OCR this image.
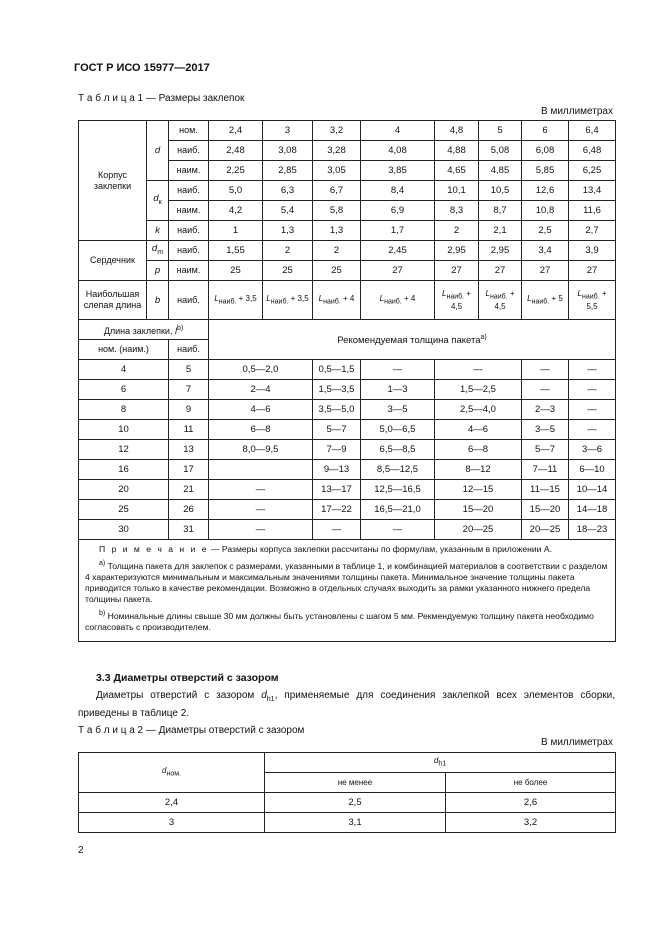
ГОСТ Р ИСО 15977—2017
Т а б л и ц а 1 — Размеры заклепок
В миллиметрах
Корпус заклепки	d	ном.	2,4	3	3,2	4	4,8	5	6	6,4
		наиб.	2,48	3,08	3,28	4,08	4,88	5,08	6,08	6,48
		наим.	2,25	2,85	3,05	3,85	4,65	4,85	5,85	6,25
	$d_к$	наиб.	5,0	6,3	6,7	8,4	10,1	10,5	12,6	13,4
		наим.	4,2	5,4	5,8	6,9	8,3	8,7	10,8	11,6
	k	наиб.	1	1,3	1,3	1,7	2	2,1	2,5	2,7
Сердечник	$d_m$	наиб.	1,55	2	2	2,45	2,95	2,95	3,4	3,9
	p	наим.	25	25	25	27	27	27	27	27
Наибольшая слепая длина	b	наиб.	$L_{наиб.} + 3,5$	$L_{наиб.} + 3,5$	$L_{наиб.} + 4$	$L_{наиб.} + 4$	$L_{наиб.} + 4,5$	$L_{наиб.} + 4,5$	$L_{наиб.} + 5$	$L_{наиб.} + 5,5$
Длина заклепки, $l^{b)}$			Рекомендуемая толщина пакета$^{а)}$
ном. (наим.)		наиб.								
4		5	0,5—2,0		0,5—1,5	—	—		—	—
6		7	2—4		1,5—3,5	1—3	1,5—2,5		—	—
8		9	4—6		3,5—5,0	3—5	2,5—4,0		2—3	—
10		11	6—8		5—7	5,0—6,5	4—6		3—5	—
12		13	8,0—9,5		7—9	6,5—8,5	6—8		5—7	3—6
16		17			9—13	8,5—12,5	8—12		7—11	6—10
20		21	—		13—17	12,5—16,5	12—15		11—15	10—14
25		26	—		17—22	16,5—21,0	15—20		15—20	14—18
30		31	—		—	—	20—25		20—25	18—23

П р и м е ч а н и е — Размеры корпуса заклепки рассчитаны по формулам, указанным в приложении А.

$^{а)}$ Толщина пакета для заклепок с размерами, указанными в таблице 1, и комбинацией материалов в соответствии с разделом 4 характеризуются минимальным и максимальным значениями толщины пакета. Минимальное значение толщины пакета приводится только в качестве рекомендации. Возможно в отдельных случаях выходить за рамки указанного нижнего предела толщины пакета.

$^{b)}$ Номинальные длины свыше 30 мм должны быть установлены с шагом 5 мм. Рекмендуемую толщину пакета необходимо согласовать с производителем.										

3.3 Диаметры отверстий с зазором
Диаметры отверстий с зазором $d_{h1}$, применяемые для соединения заклепкой всех элементов сборки, приведены в таблице 2.
Т а б л и ц а 2 — Диаметры отверстий с зазором
В миллиметрах
$d_{ном.}$	$d_{h1}$
	не менее	не более
2,4	2,5	2,6
3	3,1	3,2
2
